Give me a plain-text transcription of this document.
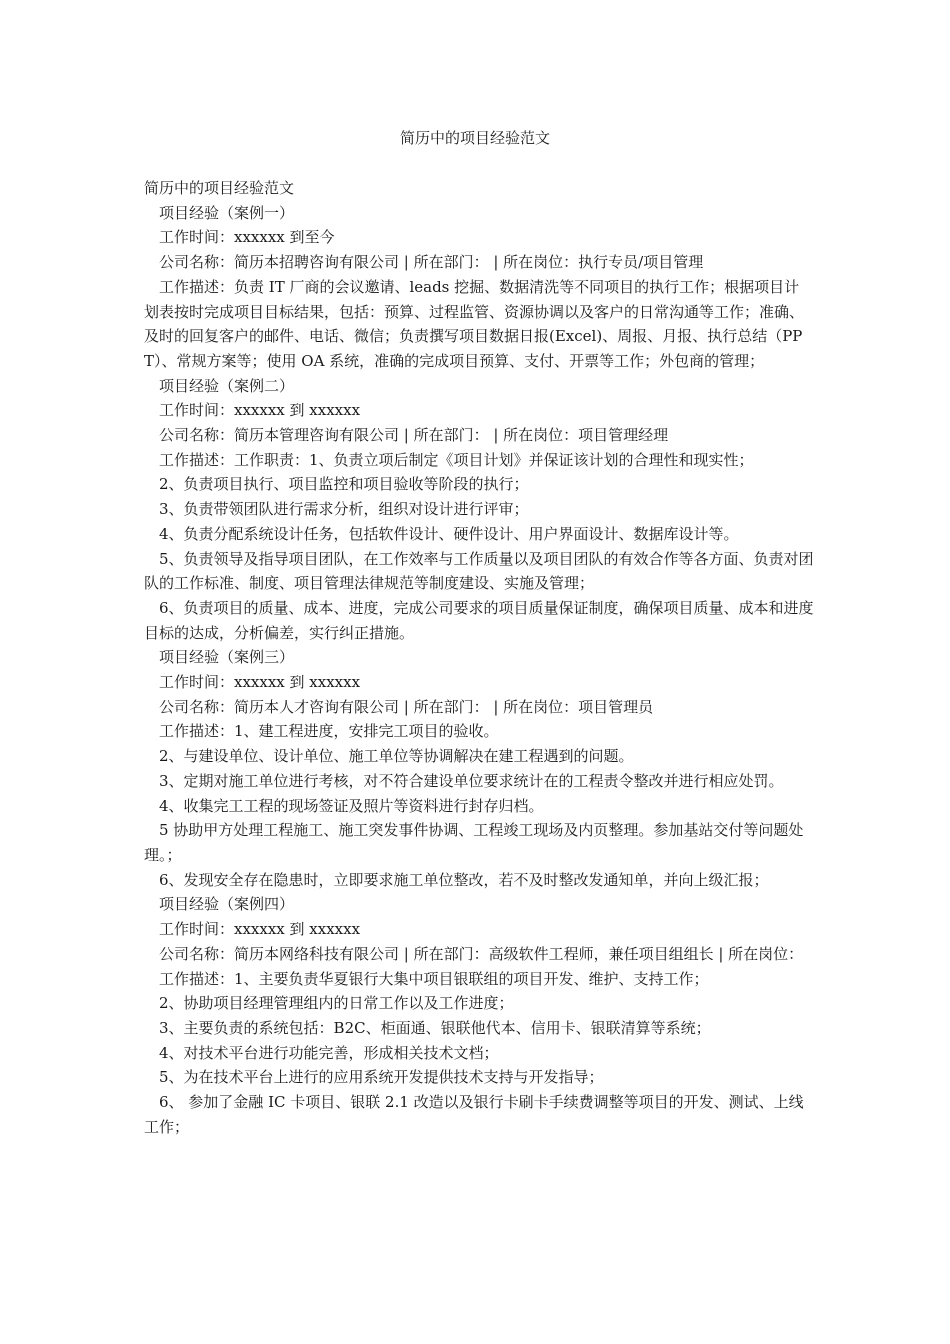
简历中的项目经验范文

简历中的项目经验范文

项目经验（案例一）

工作时间：xxxxxx 到至今

公司名称：简历本招聘咨询有限公司 | 所在部门： | 所在岗位：执行专员/项目管理

工作描述：负责 IT 厂商的会议邀请、leads 挖掘、数据清洗等不同项目的执行工作；根据项目计划表按时完成项目目标结果，包括：预算、过程监管、资源协调以及客户的日常沟通等工作；准确、及时的回复客户的邮件、电话、微信；负责撰写项目数据日报(Excel)、周报、月报、执行总结（PPT）、常规方案等；使用 OA 系统，准确的完成项目预算、支付、开票等工作；外包商的管理；

项目经验（案例二）

工作时间：xxxxxx 到 xxxxxx

公司名称：简历本管理咨询有限公司 | 所在部门： | 所在岗位：项目管理经理

工作描述：工作职责：1、负责立项后制定《项目计划》并保证该计划的合理性和现实性；

2、负责项目执行、项目监控和项目验收等阶段的执行；

3、负责带领团队进行需求分析，组织对设计进行评审；

4、负责分配系统设计任务，包括软件设计、硬件设计、用户界面设计、数据库设计等。

5、负责领导及指导项目团队，在工作效率与工作质量以及项目团队的有效合作等各方面、负责对团队的工作标准、制度、项目管理法律规范等制度建设、实施及管理；

6、负责项目的质量、成本、进度，完成公司要求的项目质量保证制度，确保项目质量、成本和进度目标的达成，分析偏差，实行纠正措施。

项目经验（案例三）

工作时间：xxxxxx 到 xxxxxx

公司名称：简历本人才咨询有限公司 | 所在部门： | 所在岗位：项目管理员

工作描述：1、建工程进度，安排完工项目的验收。

2、与建设单位、设计单位、施工单位等协调解决在建工程遇到的问题。

3、定期对施工单位进行考核，对不符合建设单位要求统计在的工程责令整改并进行相应处罚。

4、收集完工工程的现场签证及照片等资料进行封存归档。

5 协助甲方处理工程施工、施工突发事件协调、工程竣工现场及内页整理。参加基站交付等问题处理。；

6、发现安全存在隐患时，立即要求施工单位整改，若不及时整改发通知单，并向上级汇报；

项目经验（案例四）

工作时间：xxxxxx 到 xxxxxx

公司名称：简历本网络科技有限公司 | 所在部门：高级软件工程师，兼任项目组组长 | 所在岗位：

工作描述：1、主要负责华夏银行大集中项目银联组的项目开发、维护、支持工作；

2、协助项目经理管理组内的日常工作以及工作进度；

3、主要负责的系统包括：B2C、柜面通、银联他代本、信用卡、银联清算等系统；

4、对技术平台进行功能完善，形成相关技术文档；

5、为在技术平台上进行的应用系统开发提供技术支持与开发指导；

6、 参加了金融 IC 卡项目、银联 2.1 改造以及银行卡刷卡手续费调整等项目的开发、测试、上线工作；
